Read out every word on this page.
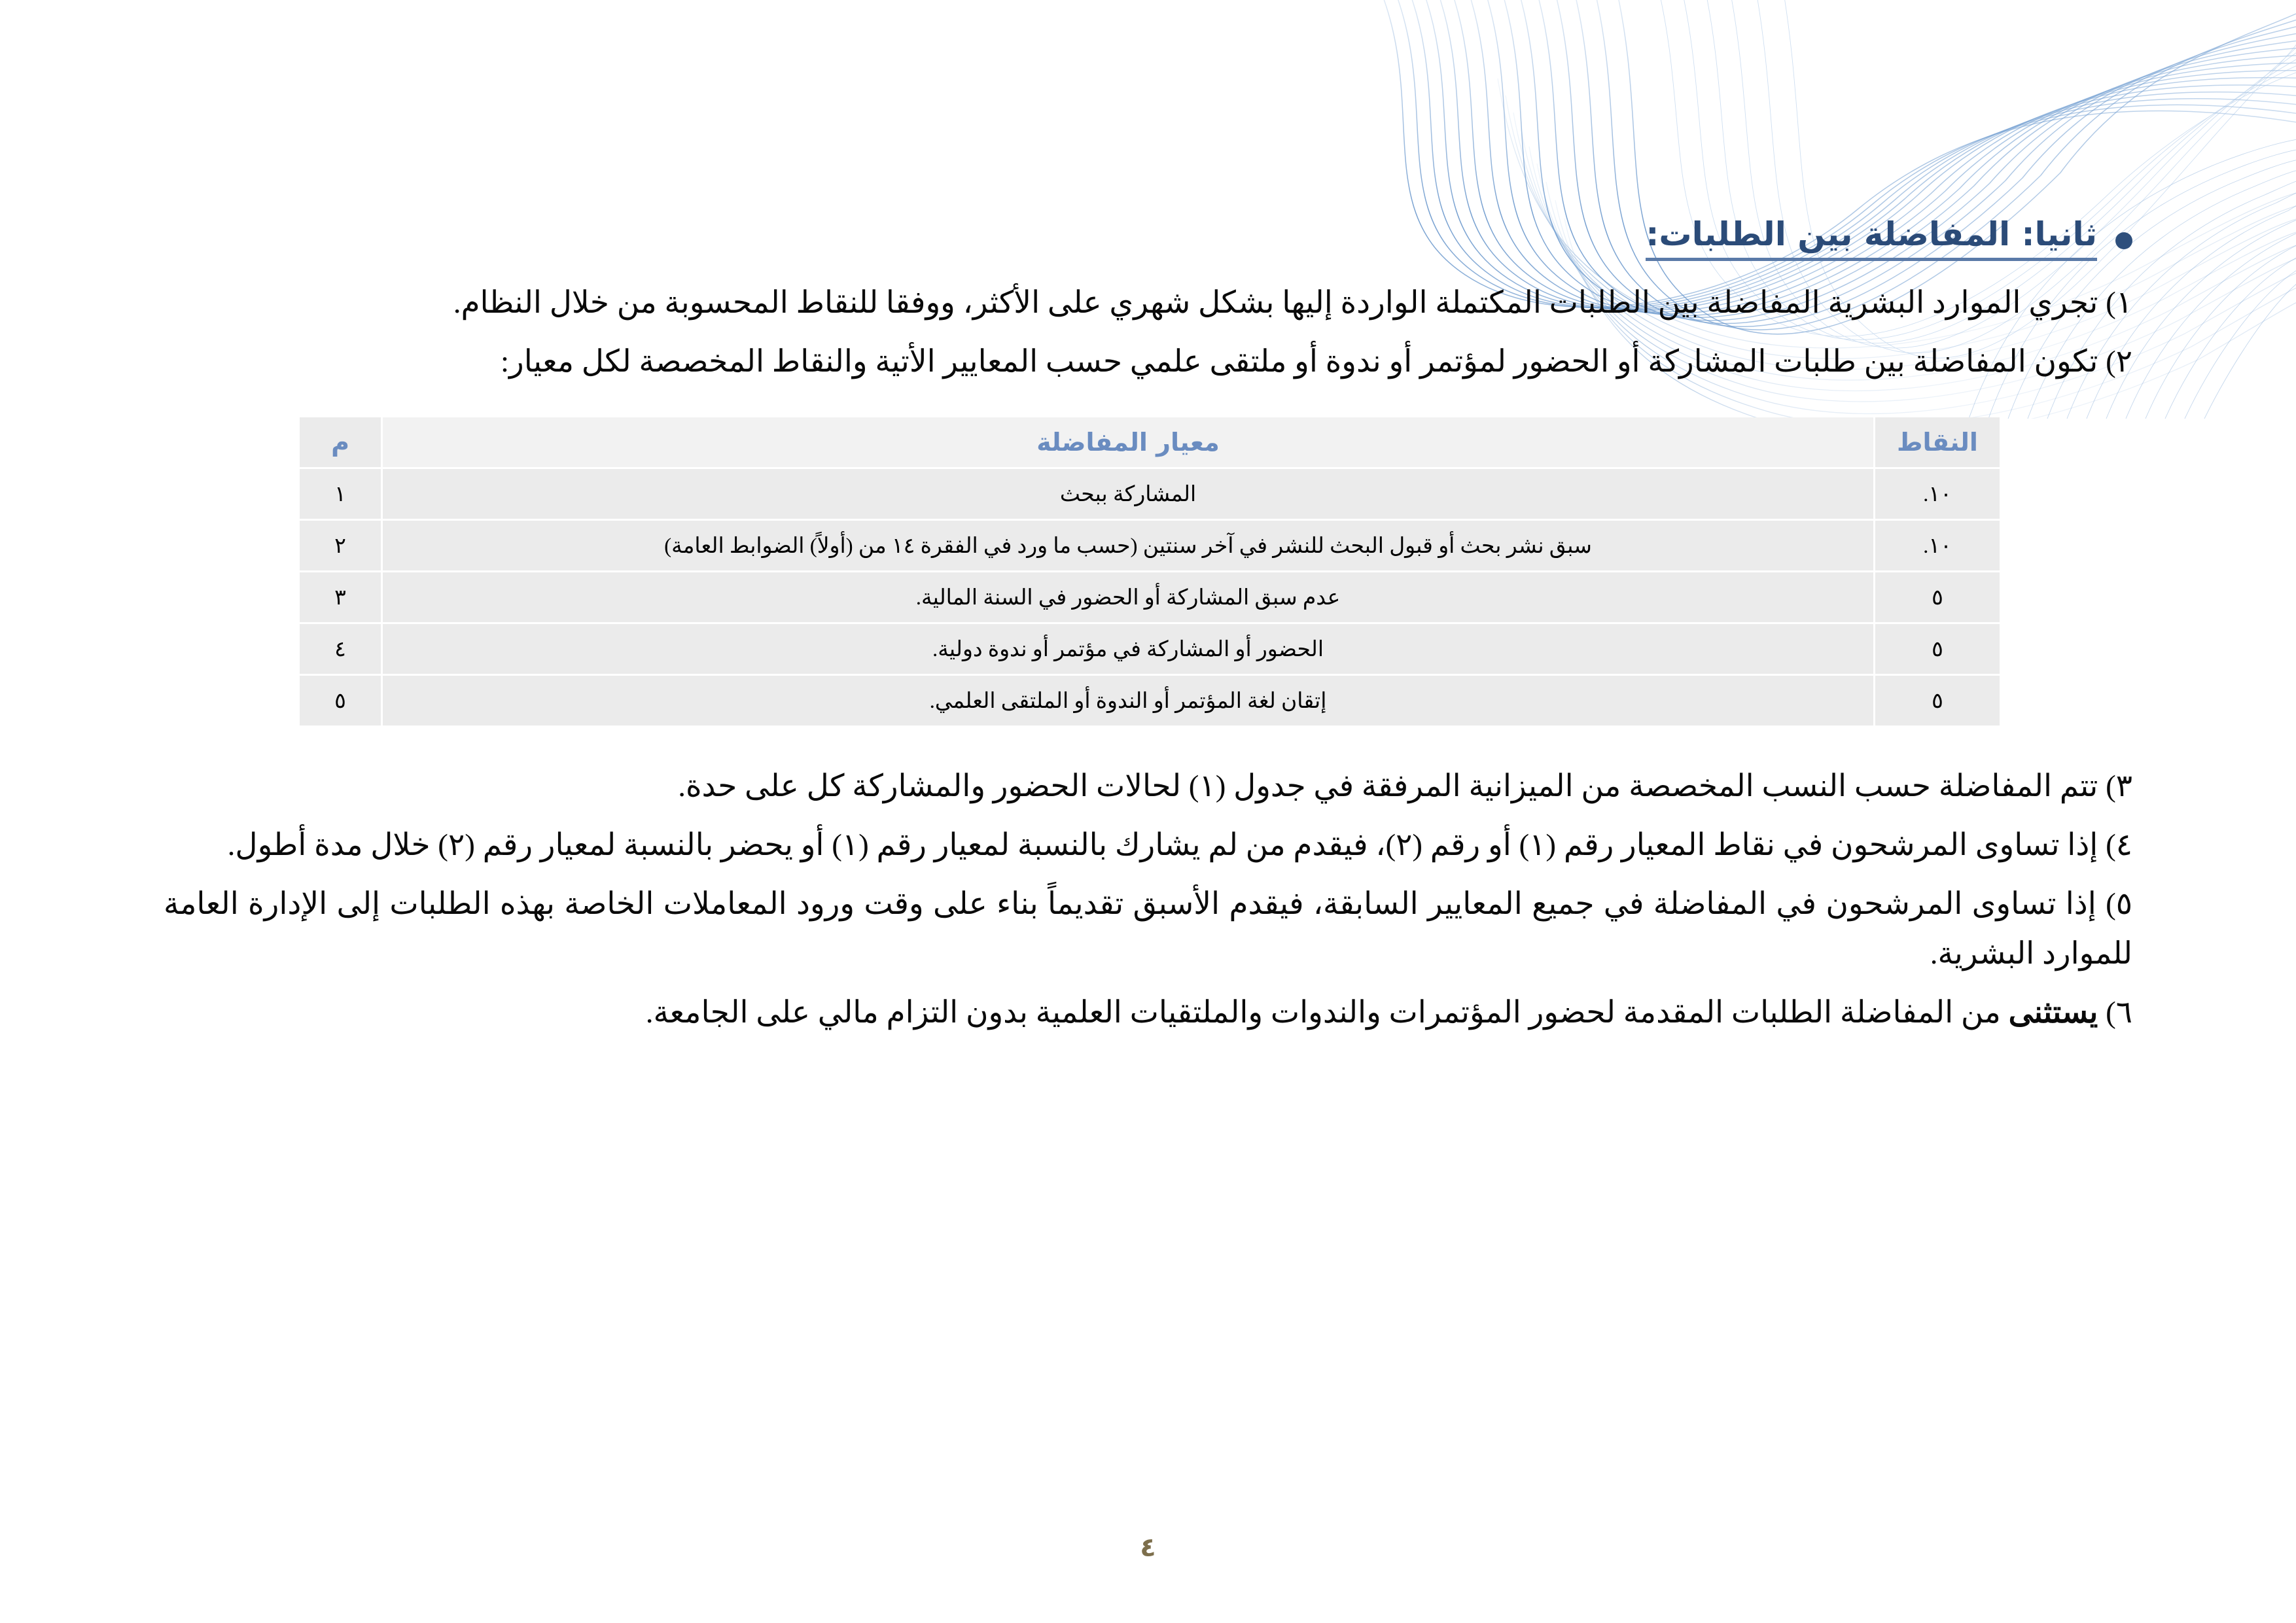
ثانيا: المفاضلة بين الطلبات:

١) تجري الموارد البشرية المفاضلة بين الطلبات المكتملة الواردة إليها بشكل شهري على الأكثر، ووفقا للنقاط المحسوبة من خلال النظام.

٢) تكون المفاضلة بين طلبات المشاركة أو الحضور لمؤتمر أو ندوة أو ملتقى علمي حسب المعايير الأتية والنقاط المخصصة لكل معيار:

النقاط	معيار المفاضلة	م
١٠.	المشاركة ببحث	١
١٠.	سبق نشر بحث أو قبول البحث للنشر في آخر سنتين (حسب ما ورد في الفقرة ١٤ من (أولاً) الضوابط العامة)	٢
٥	عدم سبق المشاركة أو الحضور في السنة المالية.	٣
٥	الحضور أو المشاركة في مؤتمر أو ندوة دولية.	٤
٥	إتقان لغة المؤتمر أو الندوة أو الملتقى العلمي.	٥

٣) تتم المفاضلة حسب النسب المخصصة من الميزانية المرفقة في جدول (١) لحالات الحضور والمشاركة كل على حدة.

٤) إذا تساوى المرشحون في نقاط المعيار رقم (١) أو رقم (٢)، فيقدم من لم يشارك بالنسبة لمعيار رقم (١) أو يحضر بالنسبة لمعيار رقم (٢) خلال مدة أطول.

٥) إذا تساوى المرشحون في المفاضلة في جميع المعايير السابقة، فيقدم الأسبق تقديماً بناء على وقت ورود المعاملات الخاصة بهذه الطلبات إلى الإدارة العامة للموارد البشرية.

٦) يستثنى من المفاضلة الطلبات المقدمة لحضور المؤتمرات والندوات والملتقيات العلمية بدون التزام مالي على الجامعة.

٤
